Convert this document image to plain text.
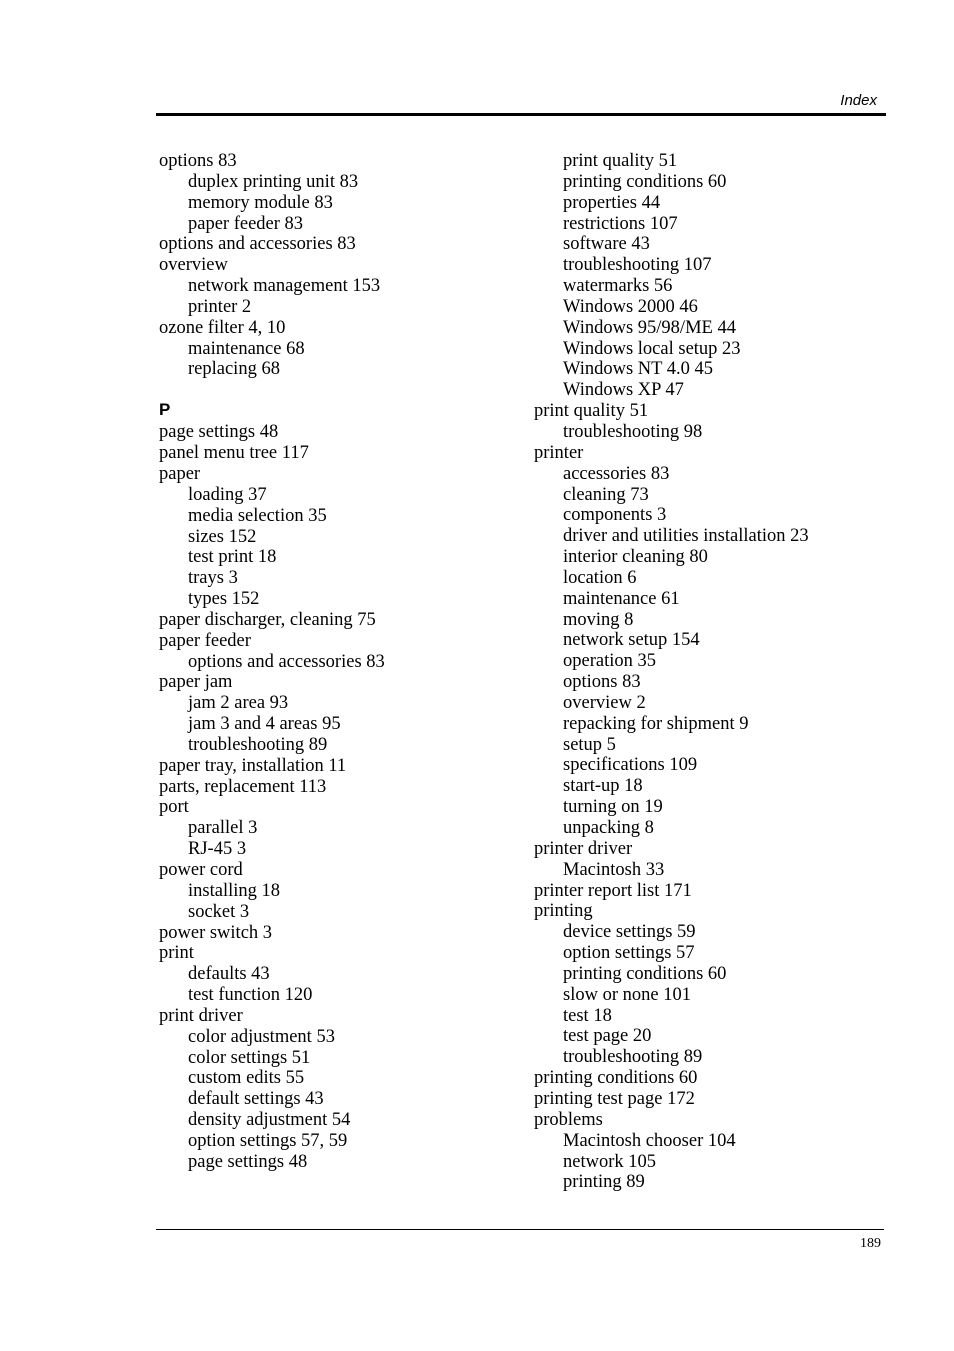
Index
options 83
duplex printing unit 83
memory module 83
paper feeder 83
options and accessories 83
overview
network management 153
printer 2
ozone filter 4, 10
maintenance 68
replacing 68
P
page settings 48
panel menu tree 117
paper
loading 37
media selection 35
sizes 152
test print 18
trays 3
types 152
paper discharger, cleaning 75
paper feeder
options and accessories 83
paper jam
jam 2 area 93
jam 3 and 4 areas 95
troubleshooting 89
paper tray, installation 11
parts, replacement 113
port
parallel 3
RJ-45 3
power cord
installing 18
socket 3
power switch 3
print
defaults 43
test function 120
print driver
color adjustment 53
color settings 51
custom edits 55
default settings 43
density adjustment 54
option settings 57, 59
page settings 48
print quality 51
printing conditions 60
properties 44
restrictions 107
software 43
troubleshooting 107
watermarks 56
Windows 2000 46
Windows 95/98/ME 44
Windows local setup 23
Windows NT 4.0 45
Windows XP 47
print quality 51
troubleshooting 98
printer
accessories 83
cleaning 73
components 3
driver and utilities installation 23
interior cleaning 80
location 6
maintenance 61
moving 8
network setup 154
operation 35
options 83
overview 2
repacking for shipment 9
setup 5
specifications 109
start-up 18
turning on 19
unpacking 8
printer driver
Macintosh 33
printer report list 171
printing
device settings 59
option settings 57
printing conditions 60
slow or none 101
test 18
test page 20
troubleshooting 89
printing conditions 60
printing test page 172
problems
Macintosh chooser 104
network 105
printing 89
189
